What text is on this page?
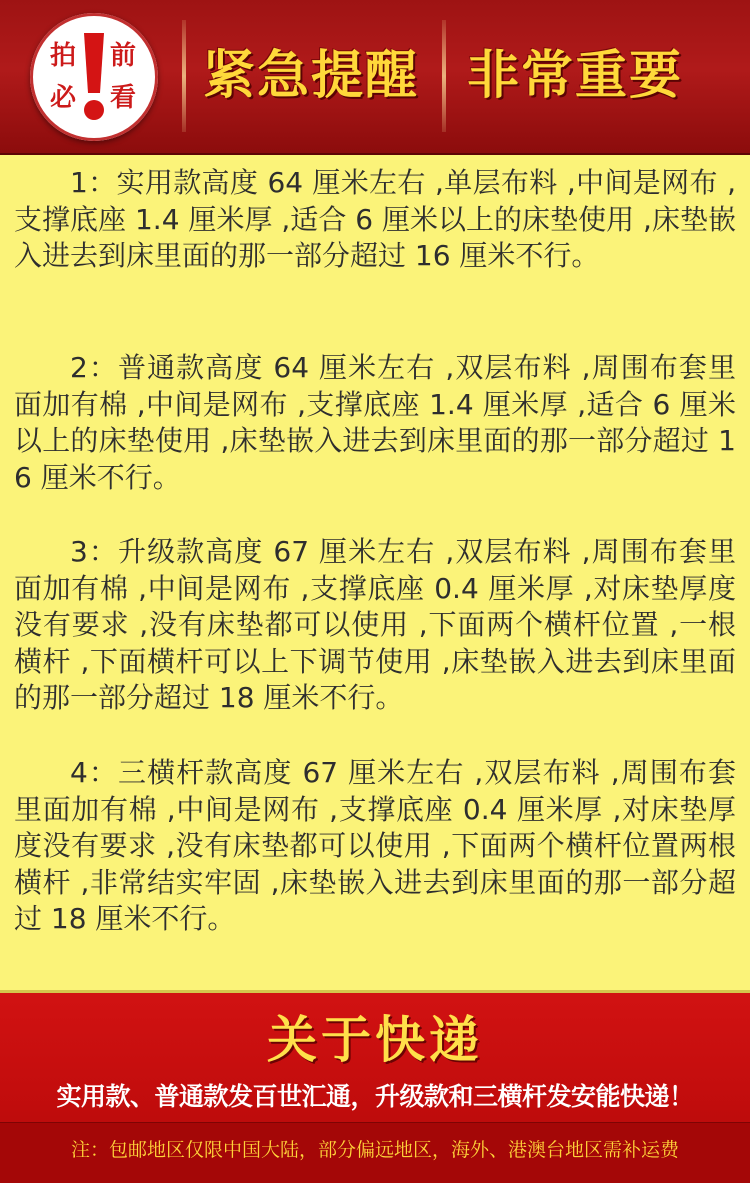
拍 前
必 看 紧急提醒 非常重要
1：实用款高度 64 厘米左右 ,单层布料 ,中间是网布 ,支撑底座 1.4 厘米厚 ,适合 6 厘米以上的床垫使用 ,床垫嵌入进去到床里面的那一部分超过 16 厘米不行。
2：普通款高度 64 厘米左右 ,双层布料 ,周围布套里面加有棉 ,中间是网布 ,支撑底座 1.4 厘米厚 ,适合 6 厘米以上的床垫使用 ,床垫嵌入进去到床里面的那一部分超过 16 厘米不行。
3：升级款高度 67 厘米左右 ,双层布料 ,周围布套里面加有棉 ,中间是网布 ,支撑底座 0.4 厘米厚 ,对床垫厚度没有要求 ,没有床垫都可以使用 ,下面两个横杆位置 ,一根横杆 ,下面横杆可以上下调节使用 ,床垫嵌入进去到床里面的那一部分超过 18 厘米不行。
4：三横杆款高度 67 厘米左右 ,双层布料 ,周围布套里面加有棉 ,中间是网布 ,支撑底座 0.4 厘米厚 ,对床垫厚度没有要求 ,没有床垫都可以使用 ,下面两个横杆位置两根横杆 ,非常结实牢固 ,床垫嵌入进去到床里面的那一部分超过 18 厘米不行。
关于快递
实用款、普通款发百世汇通，升级款和三横杆发安能快递！
注：包邮地区仅限中国大陆，部分偏远地区，海外、港澳台地区需补运费
